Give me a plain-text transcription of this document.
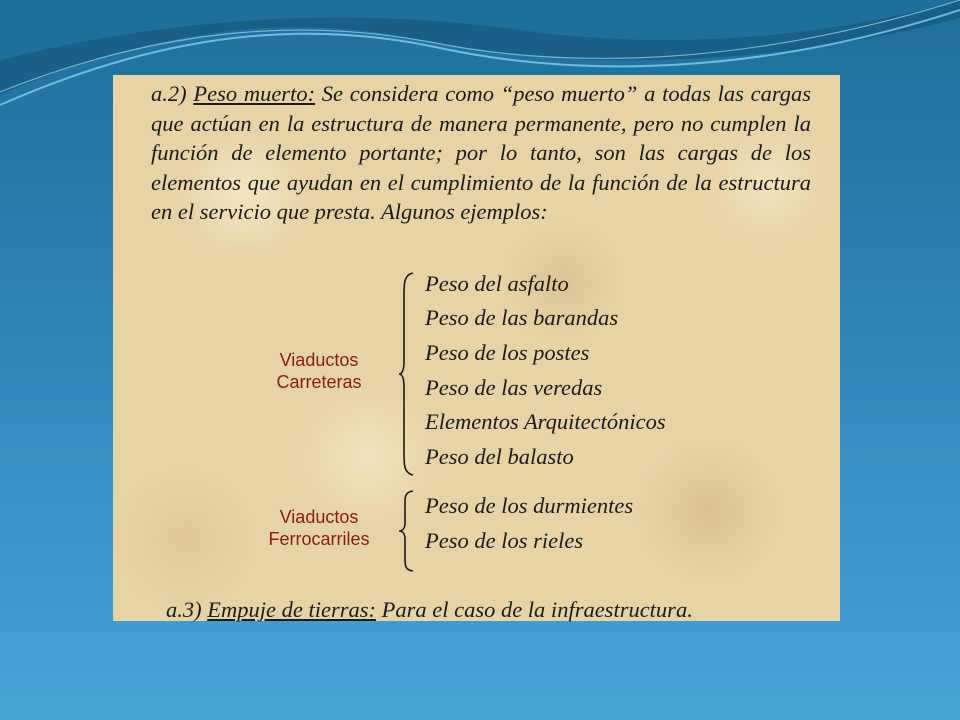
a.2) Peso muerto: Se considera como “peso muerto” a todas las cargas que actúan en la estructura de manera permanente, pero no cumplen la función de elemento portante; por lo tanto, son las cargas de los elementos que ayudan en el cumplimiento de la función de la estructura en el servicio que presta. Algunos ejemplos:
Viaductos
Carreteras
Peso del asfalto
Peso de las barandas
Peso de los postes
Peso de las veredas
Elementos Arquitectónicos
Peso del balasto
Viaductos
Ferrocarriles
Peso de los durmientes
Peso de los rieles
a.3) Empuje de tierras: Para el caso de la infraestructura.
